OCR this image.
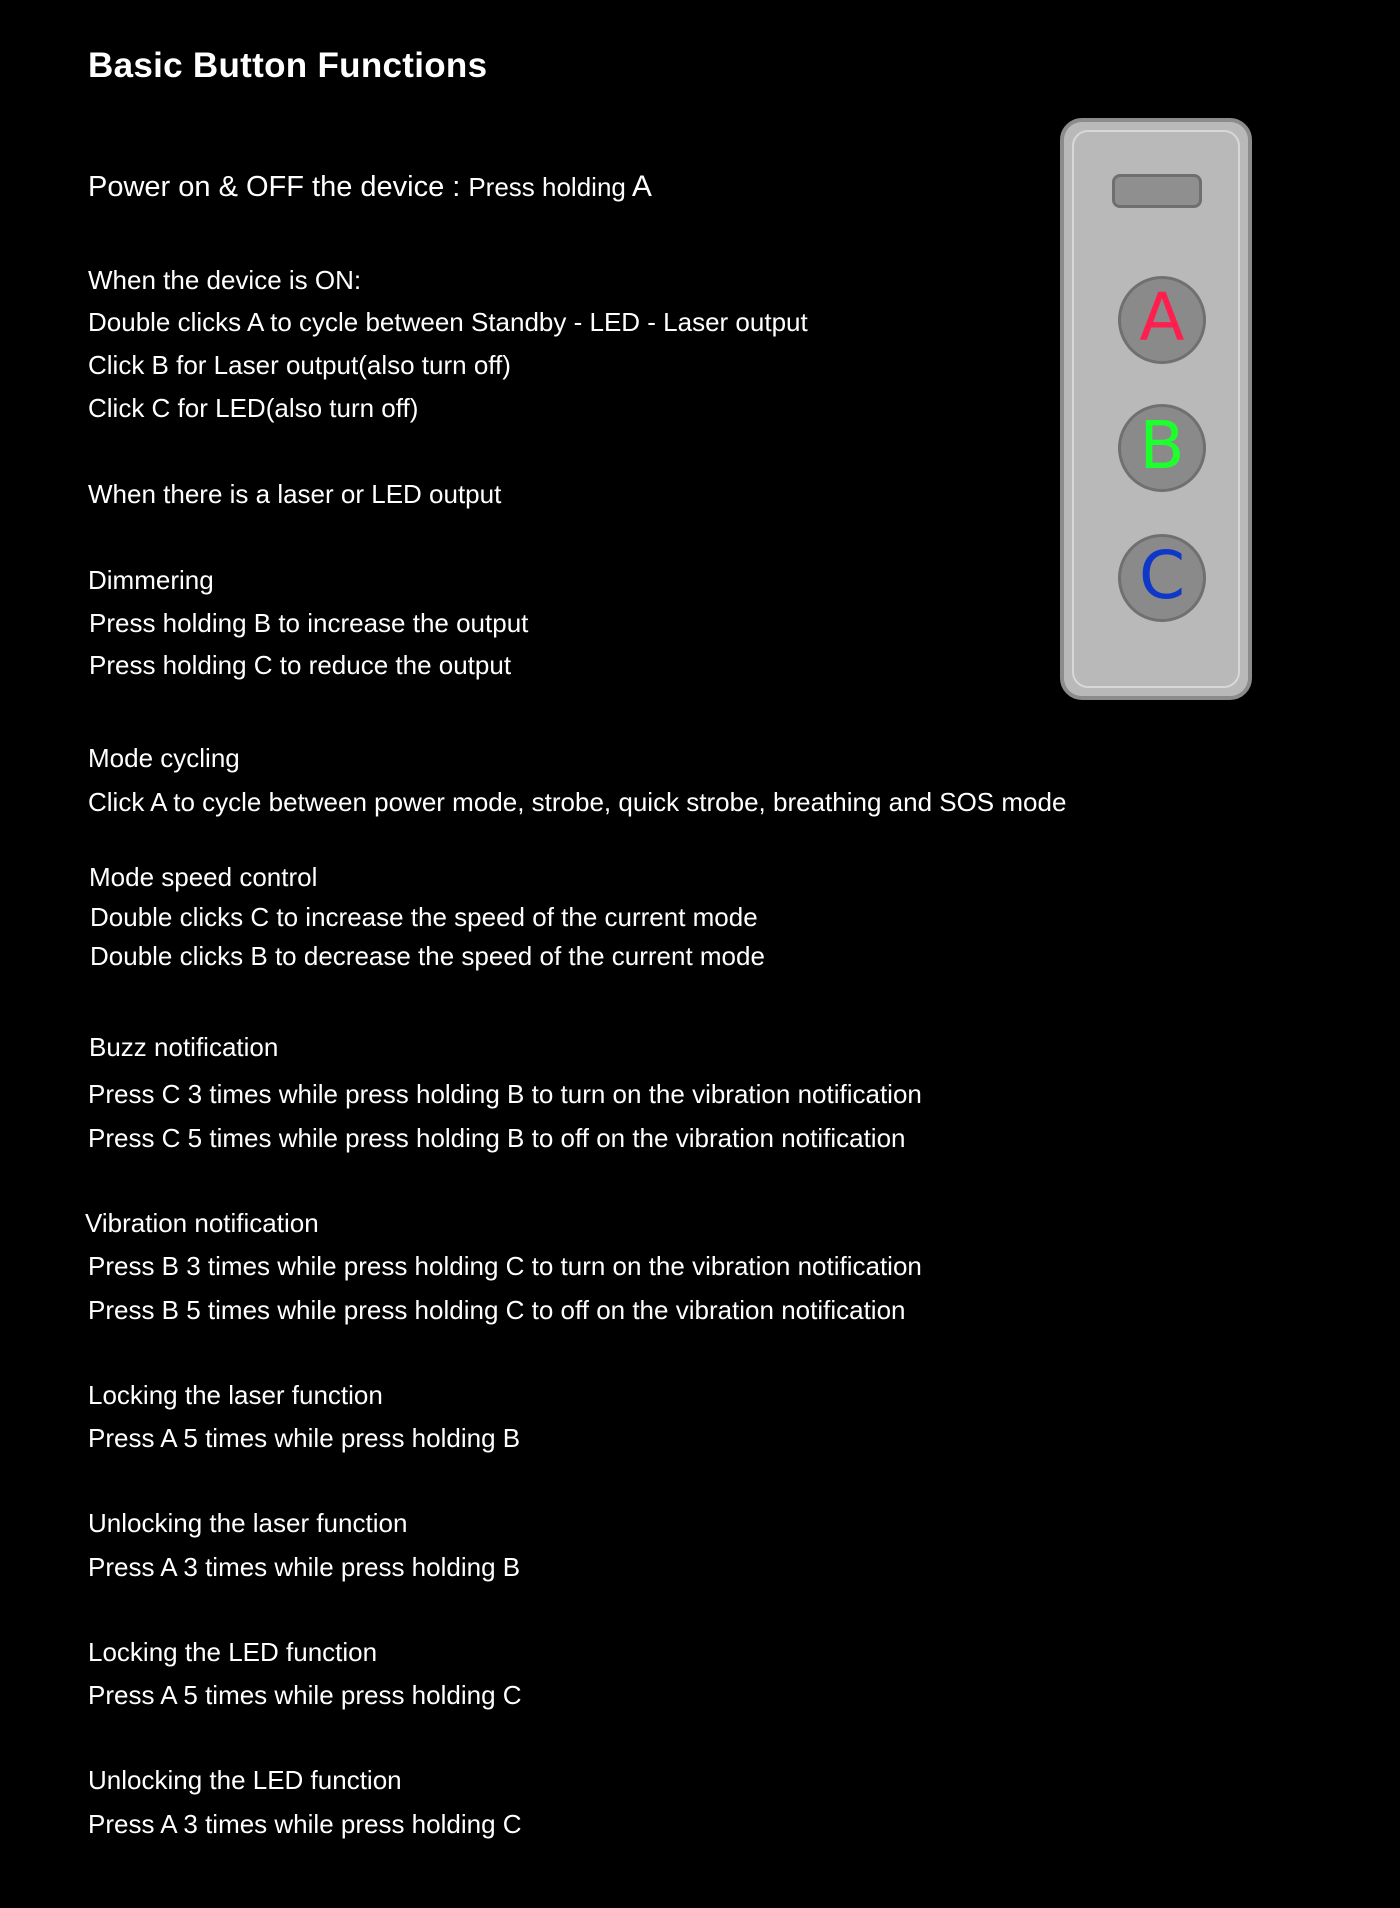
Basic Button Functions
Power on & OFF the device : Press holding A
When the device is ON:
Double clicks A to cycle between Standby - LED - Laser output
Click B for Laser output(also turn off)
Click C for LED(also turn off)
When there is a laser or LED output
Dimmering
Press holding B to increase the output
Press holding C to reduce the output
Mode cycling
Click A to cycle between power mode, strobe, quick strobe, breathing and SOS mode
Mode speed control
Double clicks C to increase the speed of the current mode
Double clicks B to decrease the speed of the current mode
Buzz notification
Press C 3 times while press holding B to turn on the vibration notification
Press C 5 times while press holding B to off on the vibration notification
Vibration notification
Press B 3 times while press holding C to turn on the vibration notification
Press B 5 times while press holding C to off on the vibration notification
Locking the laser function
Press A 5 times while press holding B
Unlocking the laser function
Press A 3 times while press holding B
Locking the LED function
Press A 5 times while press holding C
Unlocking the LED function
Press A 3 times while press holding C
A
B
C
